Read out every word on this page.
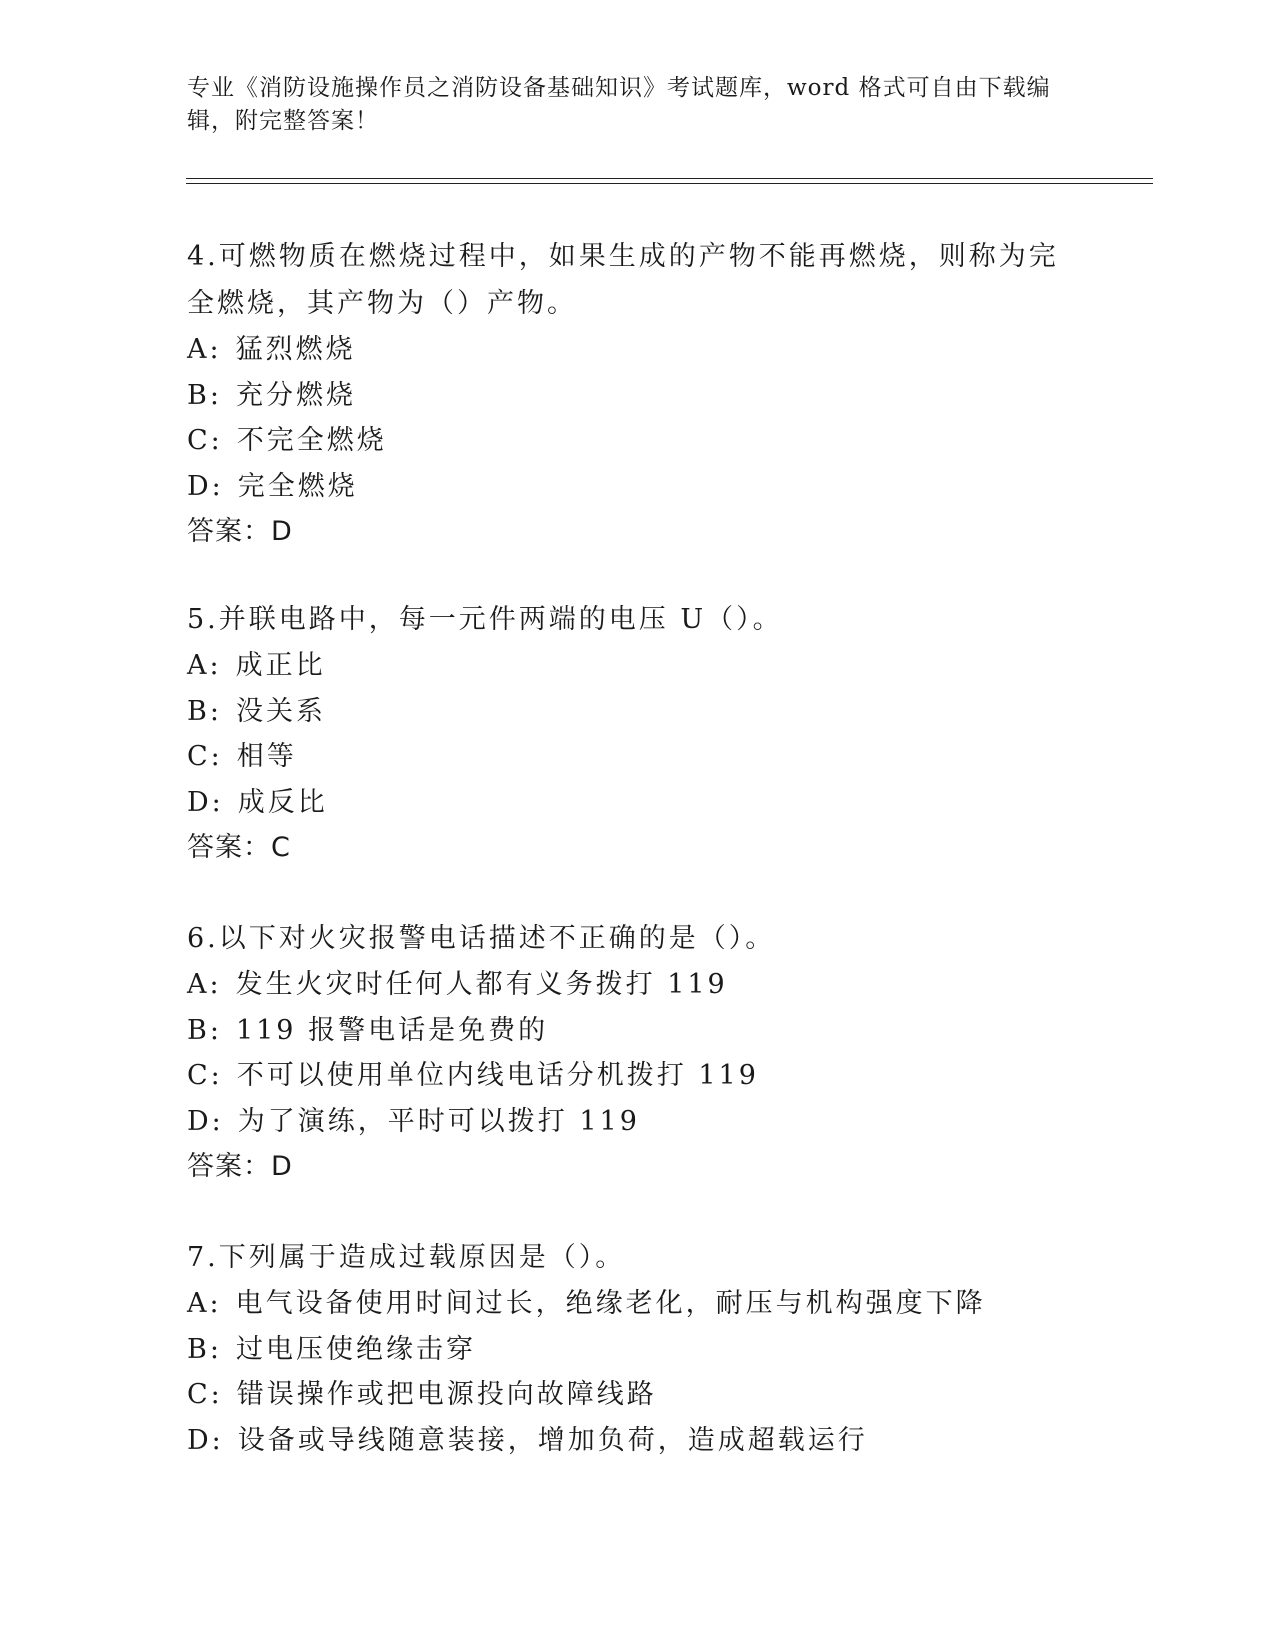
专业《消防设施操作员之消防设备基础知识》考试题库，word 格式可自由下载编辑，附完整答案！
4.可燃物质在燃烧过程中，如果生成的产物不能再燃烧，则称为完全燃烧，其产物为（）产物。
A: 猛烈燃烧
B: 充分燃烧
C: 不完全燃烧
D: 完全燃烧
答案：D
5.并联电路中，每一元件两端的电压 U（）。
A: 成正比
B: 没关系
C: 相等
D: 成反比
答案：C
6.以下对火灾报警电话描述不正确的是（）。
A: 发生火灾时任何人都有义务拨打 119
B: 119 报警电话是免费的
C: 不可以使用单位内线电话分机拨打 119
D: 为了演练，平时可以拨打 119
答案：D
7.下列属于造成过载原因是（）。
A: 电气设备使用时间过长，绝缘老化，耐压与机构强度下降
B: 过电压使绝缘击穿
C: 错误操作或把电源投向故障线路
D: 设备或导线随意装接，增加负荷，造成超载运行
